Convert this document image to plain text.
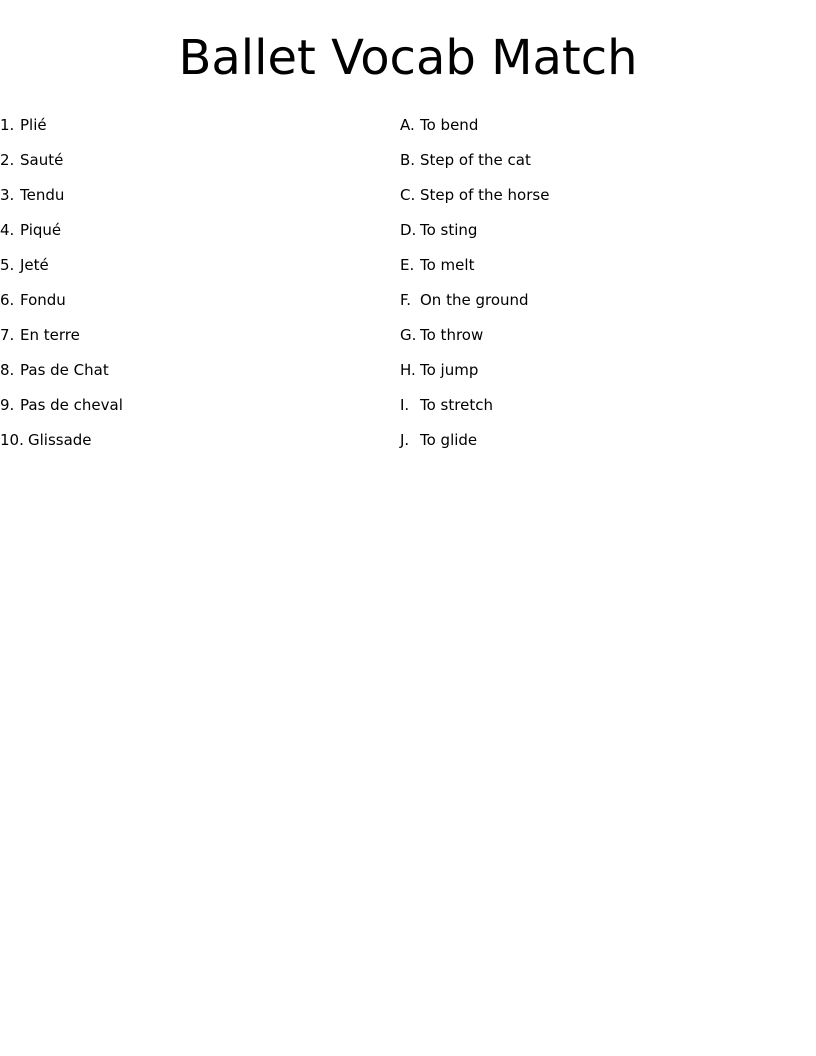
Ballet Vocab Match
1. Plié
2. Sauté
3. Tendu
4. Piqué
5. Jeté
6. Fondu
7. En terre
8. Pas de Chat
9. Pas de cheval
10. Glissade
A. To bend
B. Step of the cat
C. Step of the horse
D. To sting
E. To melt
F. On the ground
G. To throw
H. To jump
I. To stretch
J. To glide
